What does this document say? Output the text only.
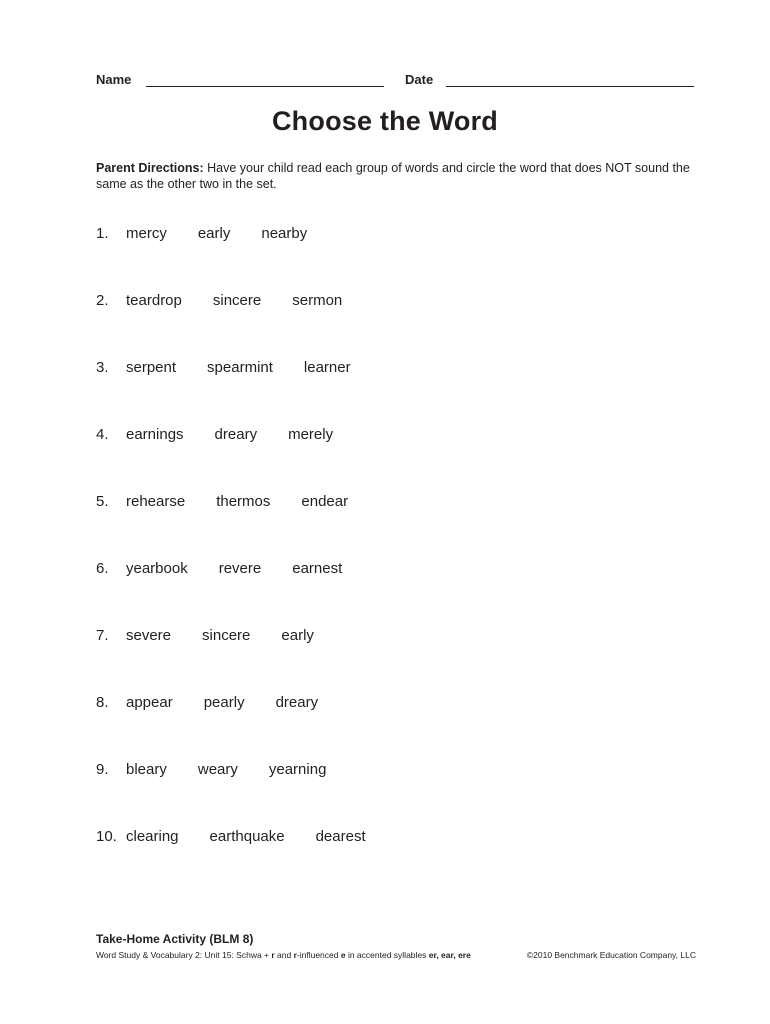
Name	Date
Choose the Word
Parent Directions: Have your child read each group of words and circle the word that does NOT sound the same as the other two in the set.
1. mercy early nearby
2. teardrop sincere sermon
3. serpent spearmint learner
4. earnings dreary merely
5. rehearse thermos endear
6. yearbook revere earnest
7. severe sincere early
8. appear pearly dreary
9. bleary weary yearning
10. clearing earthquake dearest
Take-Home Activity (BLM 8)
Word Study & Vocabulary 2: Unit 15: Schwa + r and r-influenced e in accented syllables er, ear, ere	©2010 Benchmark Education Company, LLC
